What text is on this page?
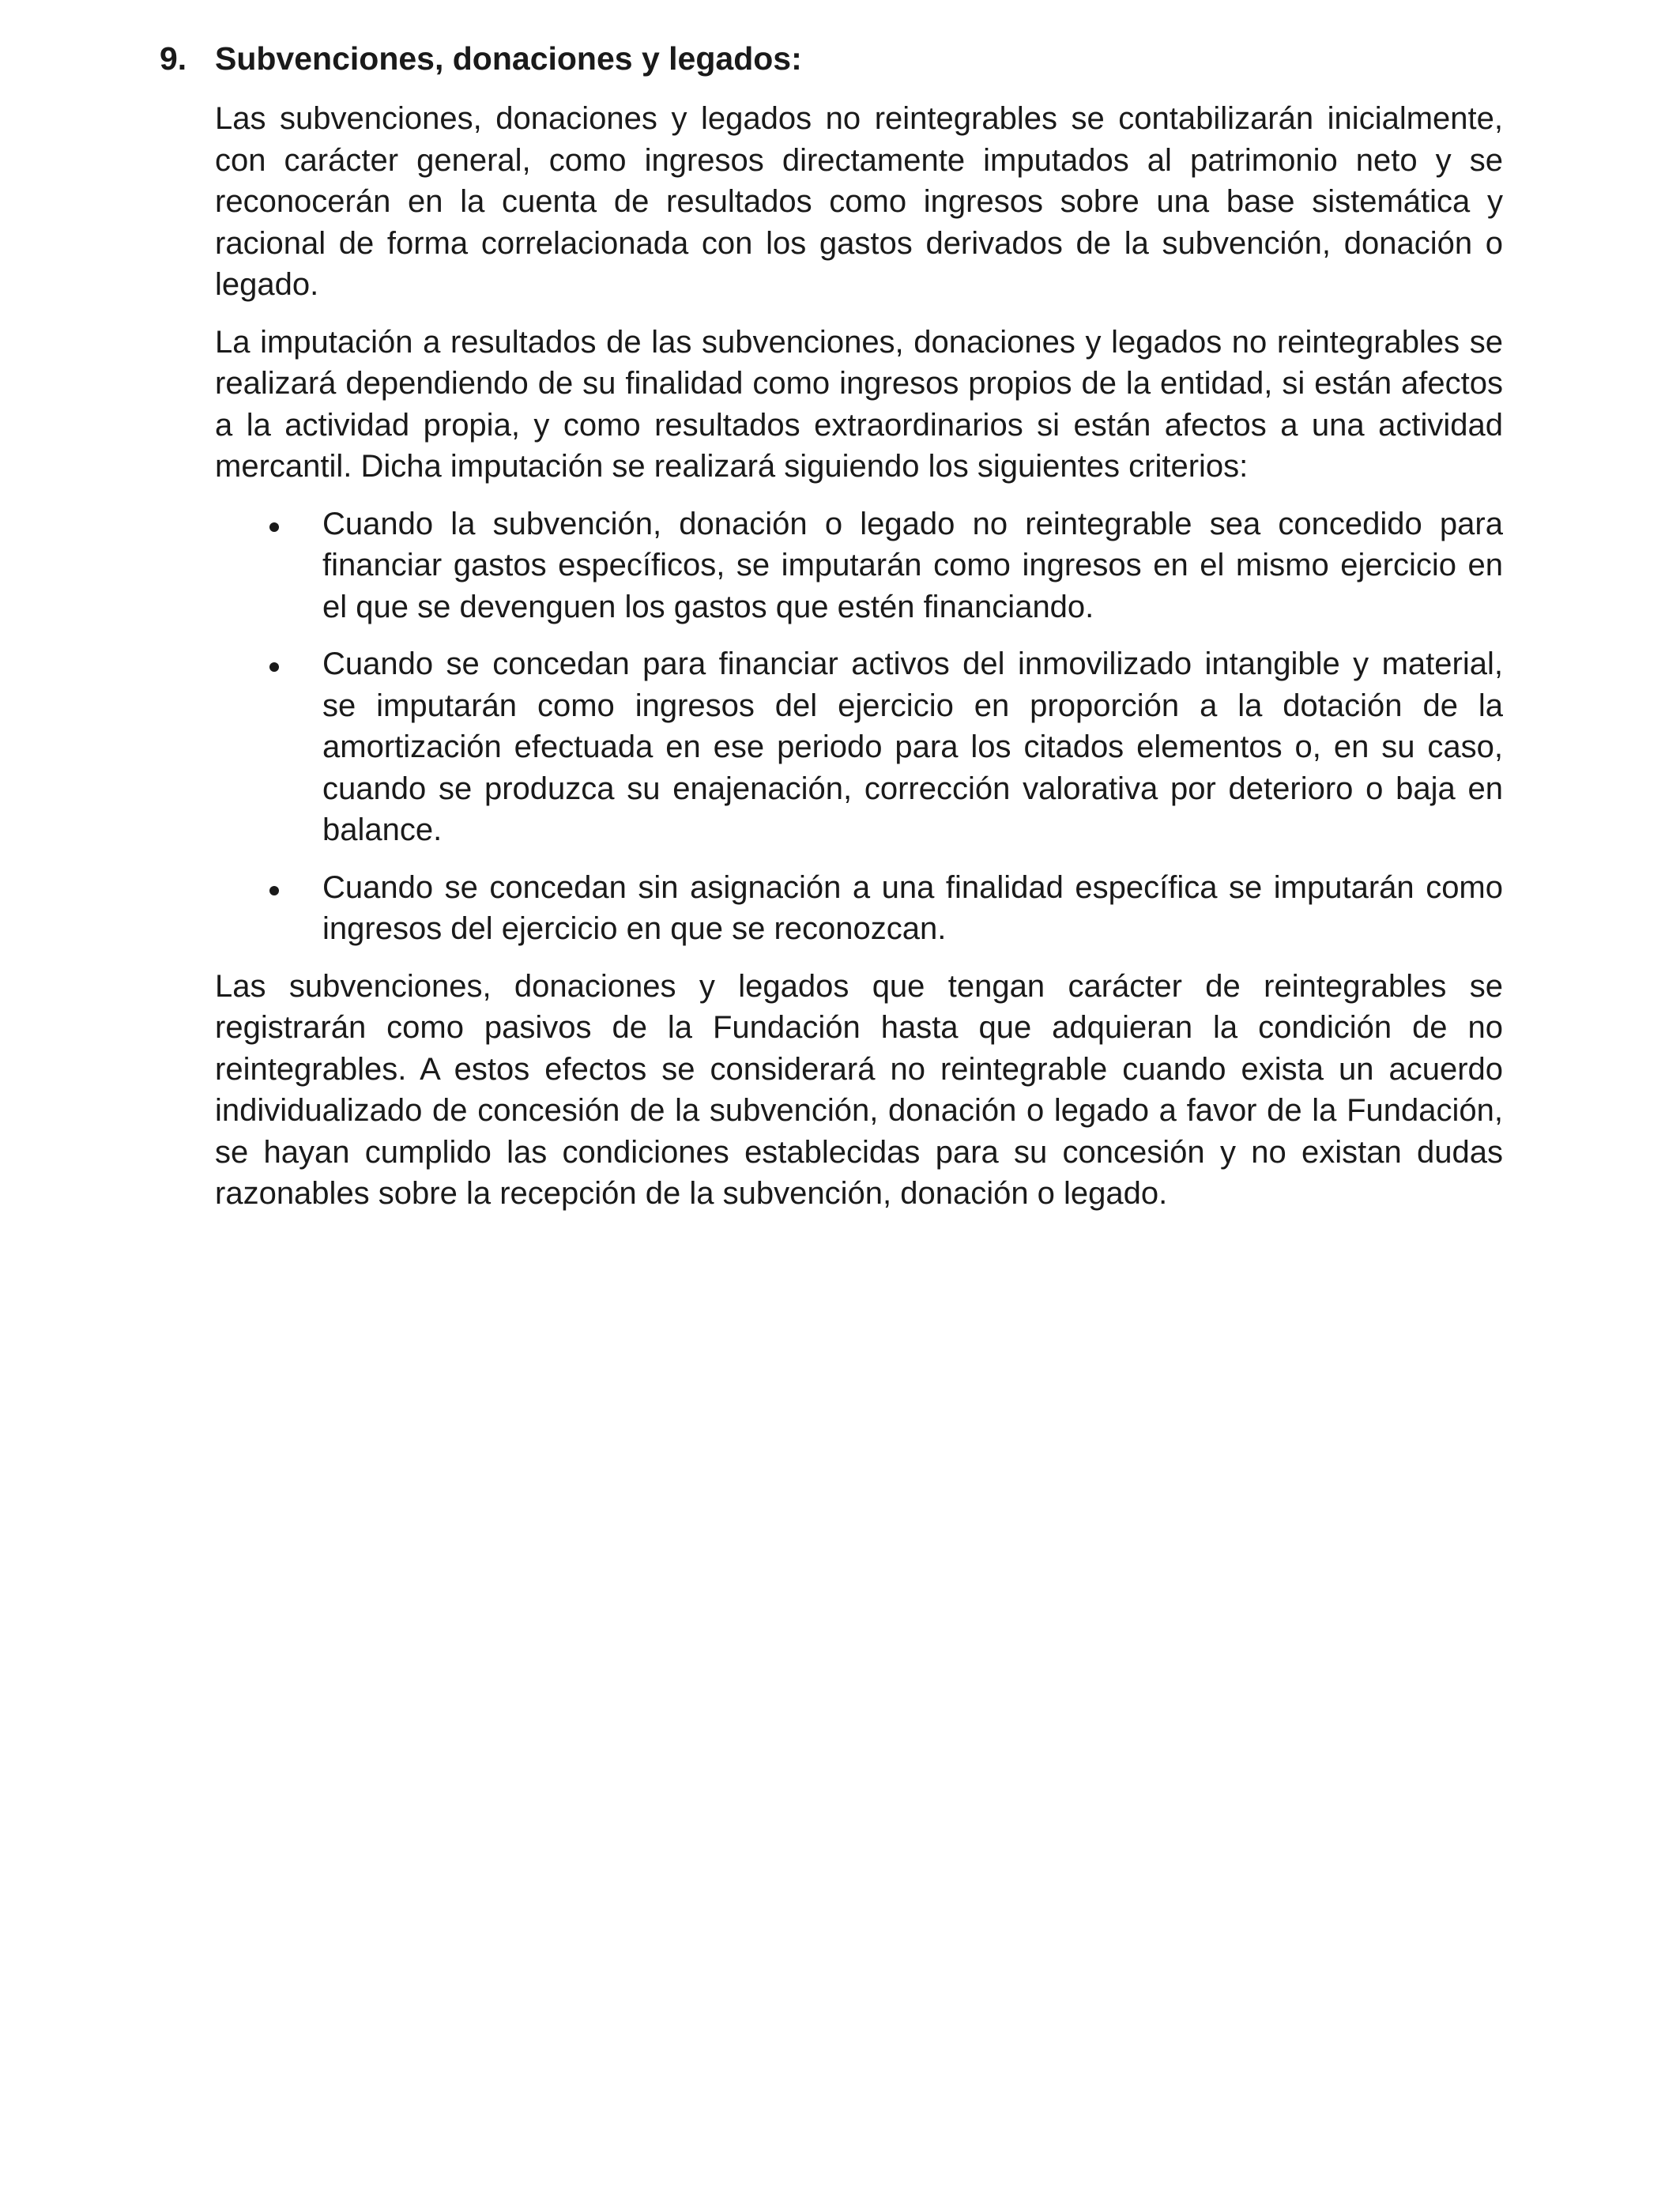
9. Subvenciones, donaciones y legados:

Las subvenciones, donaciones y legados no reintegrables se contabilizarán inicialmente, con carácter general, como ingresos directamente imputados al patrimonio neto y se reconocerán en la cuenta de resultados como ingresos sobre una base sistemática y racional de forma correlacionada con los gastos derivados de la subvención, donación o legado.

La imputación a resultados de las subvenciones, donaciones y legados no reintegrables se realizará dependiendo de su finalidad como ingresos propios de la entidad, si están afectos a la actividad propia, y como resultados extraordinarios si están afectos a una actividad mercantil. Dicha imputación se realizará siguiendo los siguientes criterios:

Cuando la subvención, donación o legado no reintegrable sea concedido para financiar gastos específicos, se imputarán como ingresos en el mismo ejercicio en el que se devenguen los gastos que estén financiando.
Cuando se concedan para financiar activos del inmovilizado intangible y material, se imputarán como ingresos del ejercicio en proporción a la dotación de la amortización efectuada en ese periodo para los citados elementos o, en su caso, cuando se produzca su enajenación, corrección valorativa por deterioro o baja en balance.
Cuando se concedan sin asignación a una finalidad específica se imputarán como ingresos del ejercicio en que se reconozcan.

Las subvenciones, donaciones y legados que tengan carácter de reintegrables se registrarán como pasivos de la Fundación hasta que adquieran la condición de no reintegrables. A estos efectos se considerará no reintegrable cuando exista un acuerdo individualizado de concesión de la subvención, donación o legado a favor de la Fundación, se hayan cumplido las condiciones establecidas para su concesión y no existan dudas razonables sobre la recepción de la subvención, donación o legado.
